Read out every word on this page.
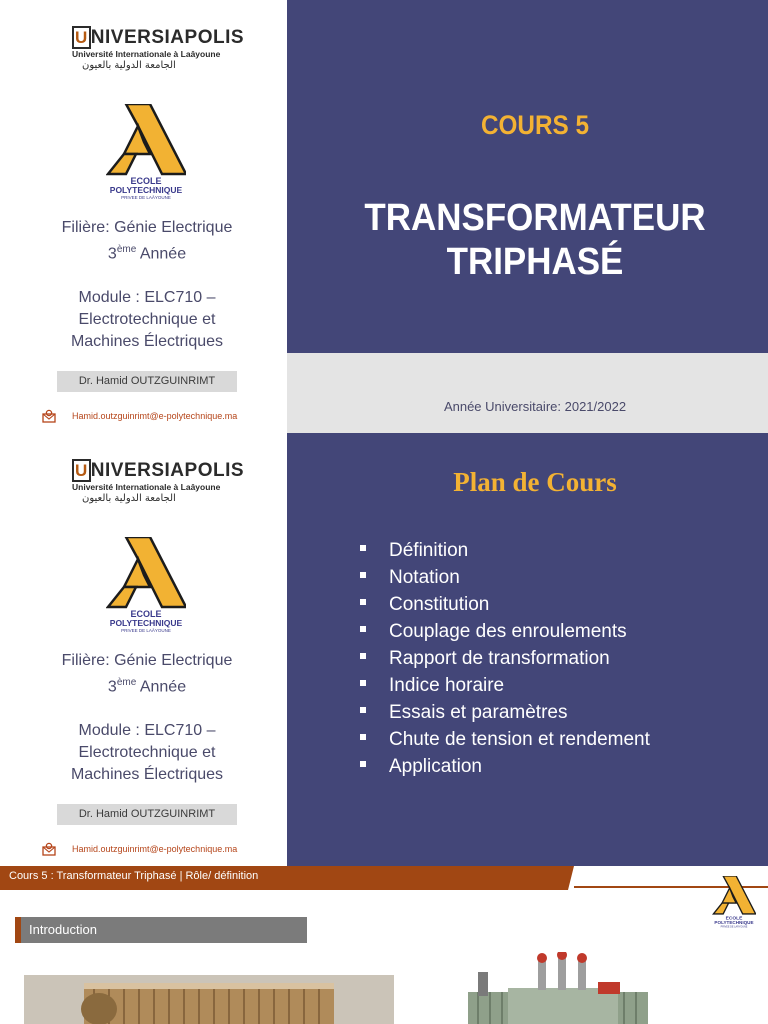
U NIVERSIAPOLIS
Université Internationale à Laâyoune
الجامعة الدولية بالعيون
ECOLE
POLYTECHNIQUE
PRIVEE DE LAÂYOUNE
Filière: Génie Electrique
3ème Année
Module : ELC710 –
Electrotechnique et
Machines Électriques
Dr. Hamid OUTZGUINRIMT
Hamid.outzguinrimt@e-polytechnique.ma
COURS 5
TRANSFORMATEUR
TRIPHASÉ
Année Universitaire: 2021/2022
U NIVERSIAPOLIS
Université Internationale à Laâyoune
الجامعة الدولية بالعيون
ECOLE
POLYTECHNIQUE
PRIVEE DE LAÂYOUNE
Filière: Génie Electrique
3ème Année
Module : ELC710 –
Electrotechnique et
Machines Électriques
Dr. Hamid OUTZGUINRIMT
Hamid.outzguinrimt@e-polytechnique.ma
Plan de Cours
Définition
Notation
Constitution
Couplage des enroulements
Rapport de transformation
Indice horaire
Essais et paramètres
Chute de tension et rendement
Application
Cours 5 : Transformateur Triphasé | Rôle/ définition
ECOLE
POLYTECHNIQUE
PRIVEE DE LAÂYOUNE
Introduction
